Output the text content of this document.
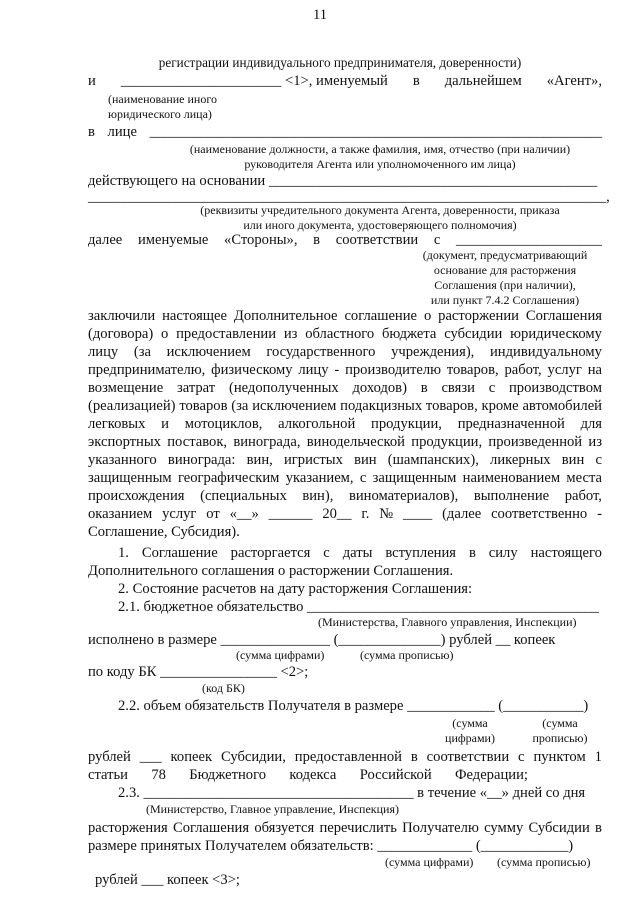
11
регистрации индивидуального предпринимателя, доверенности)
и ______________________ <1>, именуемый в дальнейшем «Агент»,
(наименование иного
юридического лица)
в лице ______________________________________________________________
(наименование должности, а также фамилия, имя, отчество (при наличии)
руководителя Агента или уполномоченного им лица)
действующего на основании _____________________________________________
_______________________________________________________________________,
(реквизиты учредительного документа Агента, доверенности, приказа
или иного документа, удостоверяющего полномочия)
далее именуемые «Стороны», в соответствии с ____________________
(документ, предусматривающий
основание для расторжения
Соглашения (при наличии),
или пункт 7.4.2 Соглашения)
заключили настоящее Дополнительное соглашение о расторжении Соглашения
(договора) о предоставлении из областного бюджета субсидии юридическому
лицу (за исключением государственного учреждения), индивидуальному
предпринимателю, физическому лицу - производителю товаров, работ, услуг на
возмещение затрат (недополученных доходов) в связи с производством
(реализацией) товаров (за исключением подакцизных товаров, кроме автомобилей
легковых и мотоциклов, алкогольной продукции, предназначенной для
экспортных поставок, винограда, винодельческой продукции, произведенной из
указанного винограда: вин, игристых вин (шампанских), ликерных вин с
защищенным географическим указанием, с защищенным наименованием места
происхождения (специальных вин), виноматериалов), выполнение работ,
оказанием услуг от «__» ______ 20__ г. № ____ (далее соответственно -
Соглашение, Субсидия).
1. Соглашение расторгается с даты вступления в силу настоящего
Дополнительного соглашения о расторжении Соглашения.
2. Состояние расчетов на дату расторжения Соглашения:
2.1. бюджетное обязательство ________________________________________
(Министерства, Главного управления, Инспекции)
исполнено в размере _______________ (______________) рублей __ копеек
(сумма цифрами)	(сумма прописью)
по коду БК ________________ <2>;
(код БК)
2.2. объем обязательств Получателя в размере ____________ (___________)
(сумма
цифрами)
(сумма
прописью)
рублей ___ копеек Субсидии, предоставленной в соответствии с пунктом 1
статьи 78 Бюджетного кодекса Российской Федерации;
2.3. _____________________________________ в течение «__» дней со дня
(Министерство, Главное управление, Инспекция)
расторжения Соглашения обязуется перечислить Получателю сумму Субсидии в
размере принятых Получателем обязательств: _____________ (____________)
(сумма цифрами) (сумма прописью)
рублей ___ копеек <3>;
